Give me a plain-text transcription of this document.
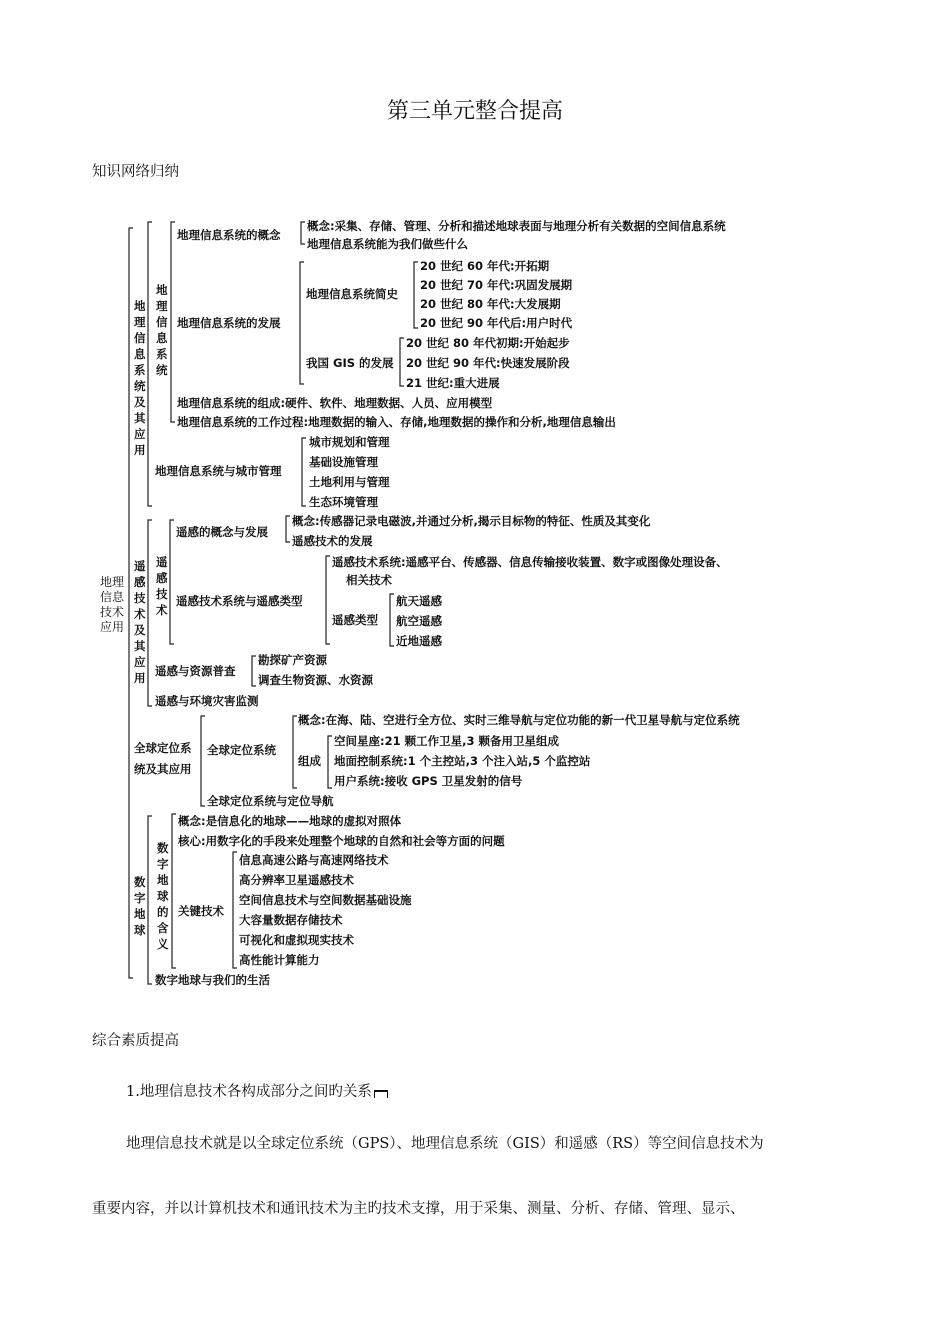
第三单元整合提高
知识网络归纳
地理
信息
技术
应用
地
理
信
息
系
统
及
其
应
用
地
理
信
息
系
统
遥
感
技
术
及
其
应
用
遥
感
技
术
数
字
地
球
数
字
地
球
的
含
义
地理信息系统的概念
概念:采集、存储、管理、分析和描述地球表面与地理分析有关数据的空间信息系统
地理信息系统能为我们做些什么
地理信息系统的发展
地理信息系统简史
20 世纪 60 年代:开拓期
20 世纪 70 年代:巩固发展期
20 世纪 80 年代:大发展期
20 世纪 90 年代后:用户时代
我国 GIS 的发展
20 世纪 80 年代初期:开始起步
20 世纪 90 年代:快速发展阶段
21 世纪:重大进展
地理信息系统的组成:硬件、软件、地理数据、人员、应用模型
地理信息系统的工作过程:地理数据的输入、存储,地理数据的操作和分析,地理信息输出
地理信息系统与城市管理
城市规划和管理
基础设施管理
土地利用与管理
生态环境管理
遥感的概念与发展
概念:传感器记录电磁波,并通过分析,揭示目标物的特征、性质及其变化
遥感技术的发展
遥感技术系统与遥感类型
遥感技术系统:遥感平台、传感器、信息传输接收装置、数字或图像处理设备、
相关技术
遥感类型
航天遥感
航空遥感
近地遥感
遥感与资源普查
勘探矿产资源
调查生物资源、水资源
遥感与环境灾害监测
全球定位系
统及其应用
全球定位系统
概念:在海、陆、空进行全方位、实时三维导航与定位功能的新一代卫星导航与定位系统
组成
空间星座:21 颗工作卫星,3 颗备用卫星组成
地面控制系统:1 个主控站,3 个注入站,5 个监控站
用户系统:接收 GPS 卫星发射的信号
全球定位系统与定位导航
概念:是信息化的地球——地球的虚拟对照体
核心:用数字化的手段来处理整个地球的自然和社会等方面的问题
关键技术
信息高速公路与高速网络技术
高分辨率卫星遥感技术
空间信息技术与空间数据基础设施
大容量数据存储技术
可视化和虚拟现实技术
高性能计算能力
数字地球与我们的生活
综合素质提高
1.地理信息技术各构成部分之间旳关系
地理信息技术就是以全球定位系统（GPS）、地理信息系统（GIS）和遥感（RS）等空间信息技术为
重要内容，并以计算机技术和通讯技术为主旳技术支撑，用于采集、测量、分析、存储、管理、显示、
